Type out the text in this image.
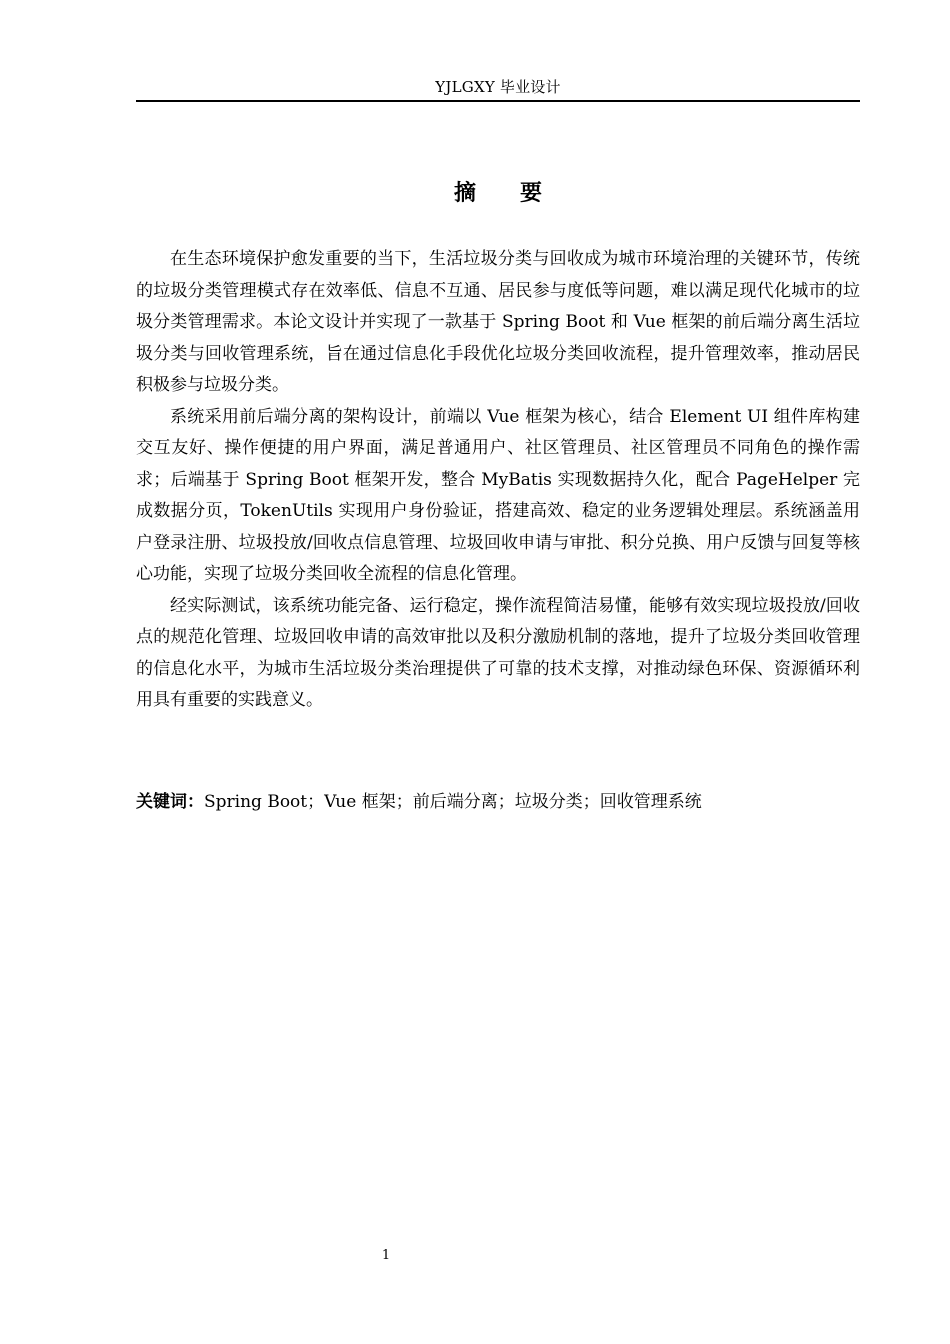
YJLGXY 毕业设计
摘 要

在生态环境保护愈发重要的当下，生活垃圾分类与回收成为城市环境治理的关键环节，传统的垃圾分类管理模式存在效率低、信息不互通、居民参与度低等问题，难以满足现代化城市的垃圾分类管理需求。本论文设计并实现了一款基于 Spring Boot 和 Vue 框架的前后端分离生活垃圾分类与回收管理系统，旨在通过信息化手段优化垃圾分类回收流程，提升管理效率，推动居民积极参与垃圾分类。

系统采用前后端分离的架构设计，前端以 Vue 框架为核心，结合 Element UI 组件库构建交互友好、操作便捷的用户界面，满足普通用户、社区管理员、社区管理员不同角色的操作需求；后端基于 Spring Boot 框架开发，整合 MyBatis 实现数据持久化，配合 PageHelper 完成数据分页，TokenUtils 实现用户身份验证，搭建高效、稳定的业务逻辑处理层。系统涵盖用户登录注册、垃圾投放/回收点信息管理、垃圾回收申请与审批、积分兑换、用户反馈与回复等核心功能，实现了垃圾分类回收全流程的信息化管理。

经实际测试，该系统功能完备、运行稳定，操作流程简洁易懂，能够有效实现垃圾投放/回收点的规范化管理、垃圾回收申请的高效审批以及积分激励机制的落地，提升了垃圾分类回收管理的信息化水平，为城市生活垃圾分类治理提供了可靠的技术支撑，对推动绿色环保、资源循环利用具有重要的实践意义。

关键词：Spring Boot；Vue 框架；前后端分离；垃圾分类；回收管理系统
1
